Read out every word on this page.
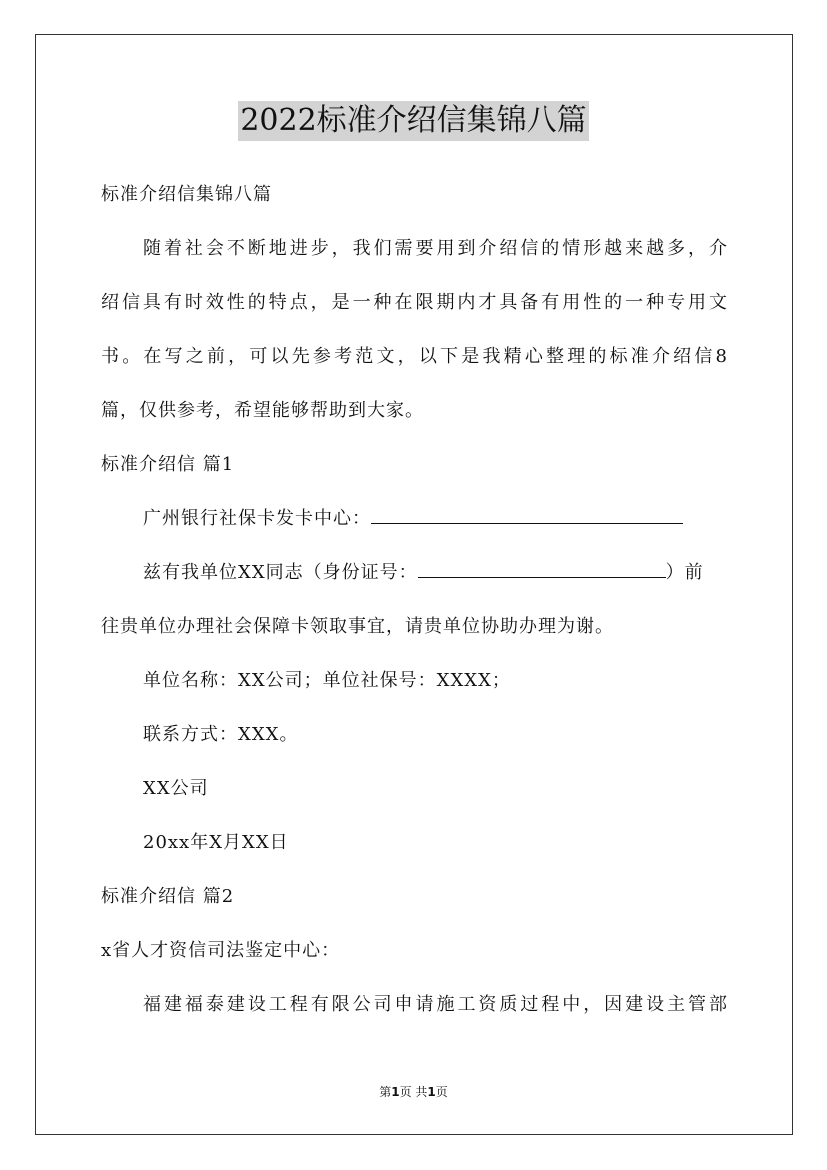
2022标准介绍信集锦八篇
标准介绍信集锦八篇
随着社会不断地进步，我们需要用到介绍信的情形越来越多，介
绍信具有时效性的特点，是一种在限期内才具备有用性的一种专用文
书。在写之前，可以先参考范文，以下是我精心整理的标准介绍信8
篇，仅供参考，希望能够帮助到大家。
标准介绍信 篇1
广州银行社保卡发卡中心：
兹有我单位XX同志（身份证号：	）前
往贵单位办理社会保障卡领取事宜，请贵单位协助办理为谢。
单位名称：XX公司；单位社保号：XXXX；
联系方式：XXX。
XX公司
20xx年X月XX日
标准介绍信 篇2
x省人才资信司法鉴定中心：
福建福泰建设工程有限公司申请施工资质过程中，因建设主管部
第1页 共1页
